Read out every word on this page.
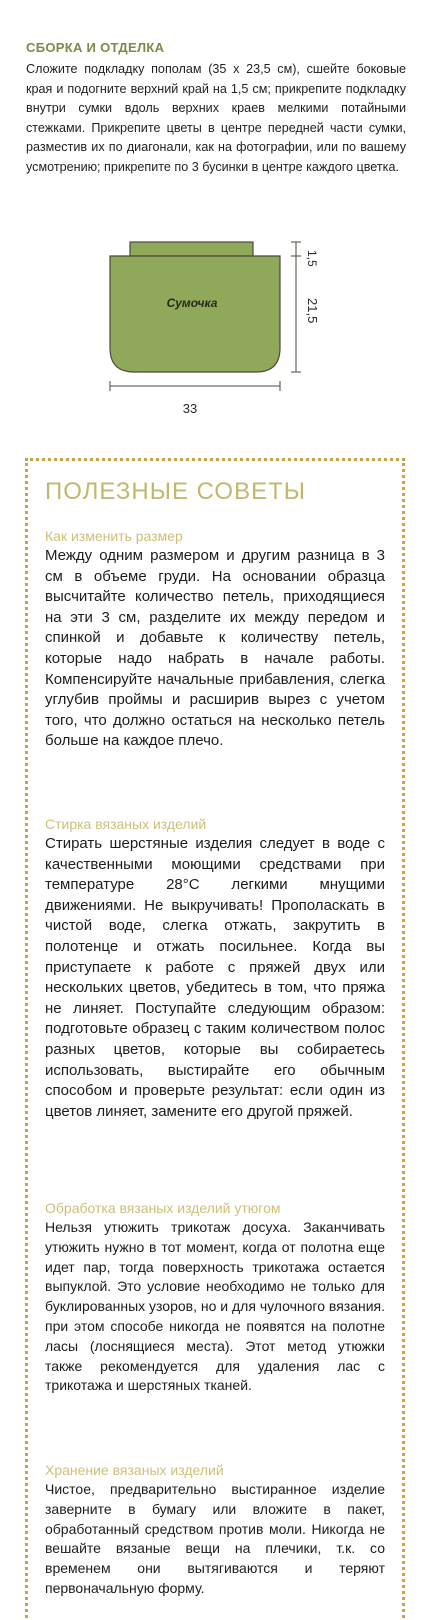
СБОРКА И ОТДЕЛКА

Сложите подкладку пополам (35 х 23,5 см), сшейте боковые края и подогните верхний край на 1,5 см; прикрепите подкладку внутри сумки вдоль верхних краев мелкими потайными стежками. Прикрепите цветы в центре передней части сумки, разместив их по диагонали, как на фотографии, или по вашему усмотрению; прикрепите по 3 бусинки в центре каждого цветка.

Сумочка
1,5
21,5
33
ПОЛЕЗНЫЕ СОВЕТЫ
Как изменить размер

Между одним размером и другим разница в 3 см в объеме груди. На основании образца высчитайте количество петель, приходящиеся на эти 3 см, разделите их между передом и спинкой и добавьте к количеству петель, которые надо набрать в начале работы. Компенсируйте начальные прибавления, слегка углубив проймы и расширив вырез с учетом того, что должно остаться на несколько петель больше на каждое плечо.

Стирка вязаных изделий

Стирать шерстяные изделия следует в воде с качественными моющими средствами при температуре 28°С легкими мнущими движениями. Не выкручивать! Прополаскать в чистой воде, слегка отжать, закрутить в полотенце и отжать посильнее. Когда вы приступаете к работе с пряжей двух или нескольких цветов, убедитесь в том, что пряжа не линяет. Поступайте следующим образом: подготовьте образец с таким количеством полос разных цветов, которые вы собираетесь использовать, выстирайте его обычным способом и проверьте результат: если один из цветов линяет, замените его другой пряжей.

Обработка вязаных изделий утюгом

Нельзя утюжить трикотаж досуха. Заканчивать утюжить нужно в тот момент, когда от полотна еще идет пар, тогда поверхность трикотажа остается выпуклой. Это условие необходимо не только для буклированных узоров, но и для чулочного вязания. при этом способе никогда не появятся на полотне ласы (лоснящиеся места). Этот метод утюжки также рекомендуется для удаления лас с трикотажа и шерстяных тканей.

Хранение вязаных изделий

Чистое, предварительно выстиранное изделие заверните в бумагу или вложите в пакет, обработанный средством против моли. Никогда не вешайте вязаные вещи на плечики, т.к. со временем они вытягиваются и теряют первоначальную форму.
